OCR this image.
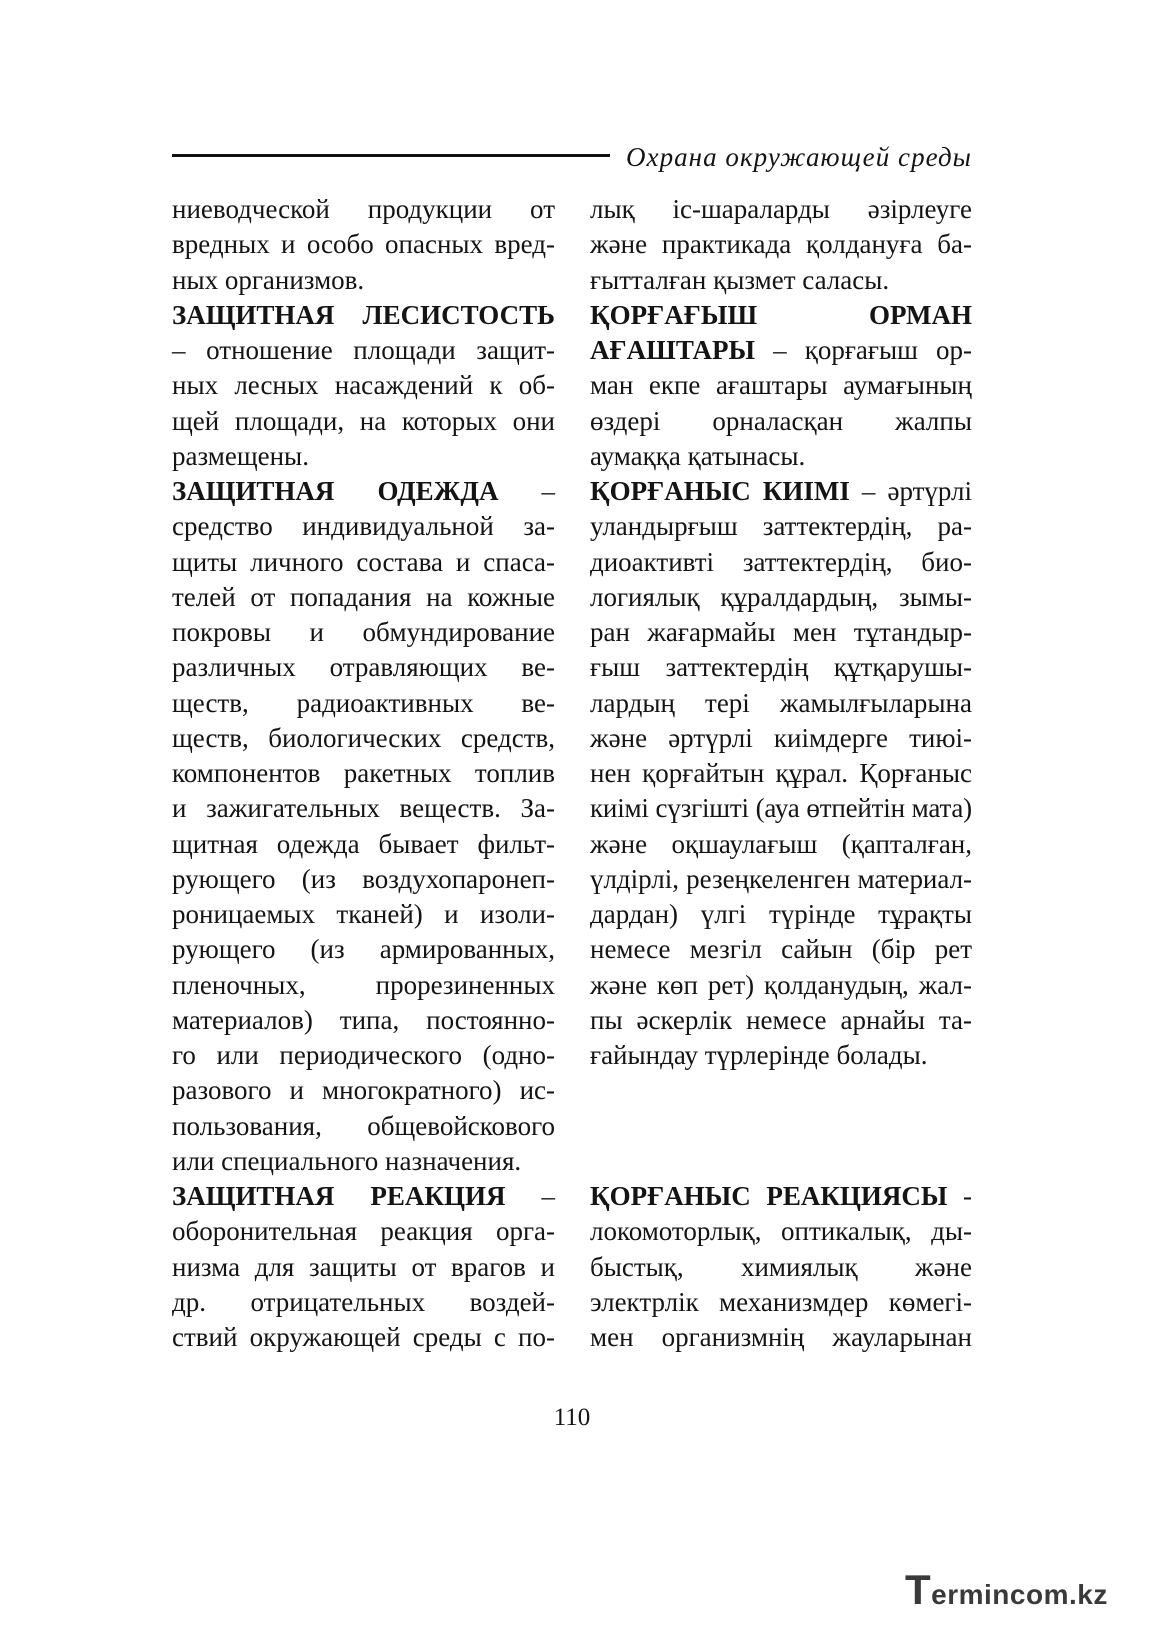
Охрана окружающей среды
ниеводческой продукции от
вредных и особо опасных вред-
ных организмов.
ЗАЩИТНАЯ ЛЕСИСТОСТЬ
– отношение площади защит-
ных лесных насаждений к об-
щей площади, на которых они
размещены.
ЗАЩИТНАЯ ОДЕЖДА –
средство индивидуальной за-
щиты личного состава и спаса-
телей от попадания на кожные
покровы и обмундирование
различных отравляющих ве-
ществ, радиоактивных ве-
ществ, биологических средств,
компонентов ракетных топлив
и зажигательных веществ. За-
щитная одежда бывает фильт-
рующего (из воздухопаронеп-
роницаемых тканей) и изоли-
рующего (из армированных,
пленочных, прорезиненных
материалов) типа, постоянно-
го или периодического (одно-
разового и многократного) ис-
пользования, общевойскового
или специального назначения.
ЗАЩИТНАЯ РЕАКЦИЯ –
оборонительная реакция орга-
низма для защиты от врагов и
др. отрицательных воздей-
ствий окружающей среды с по-
лық іс-шараларды әзірлеуге
және практикада қолдануға ба-
ғытталған қызмет саласы.
ҚОРҒАҒЫШ ОРМАН
АҒАШТАРЫ – қорғағыш ор-
ман екпе ағаштары аумағының
өздері орналасқан жалпы
аумаққа қатынасы.
ҚОРҒАНЫС КИІМІ – әртүрлі
уландырғыш заттектердің, ра-
диоактивті заттектердің, био-
логиялық құралдардың, зымы-
ран жағармайы мен тұтандыр-
ғыш заттектердің құтқарушы-
лардың тері жамылғыларына
және әртүрлі киімдерге тиюі-
нен қорғайтын құрал. Қорғаныс
киімі сүзгішті (ауа өтпейтін мата)
және оқшаулағыш (қапталған,
үлдірлі, резеңкеленген материал-
дардан) үлгі түрінде тұрақты
немесе мезгіл сайын (бір рет
және көп рет) қолданудың, жал-
пы әскерлік немесе арнайы та-
ғайындау түрлерінде болады.
ҚОРҒАНЫС РЕАКЦИЯСЫ -
локомоторлық, оптикалық, ды-
быстық, химиялық және
электрлік механизмдер көмегі-
мен организмнің жауларынан
110
Termincom.kz
